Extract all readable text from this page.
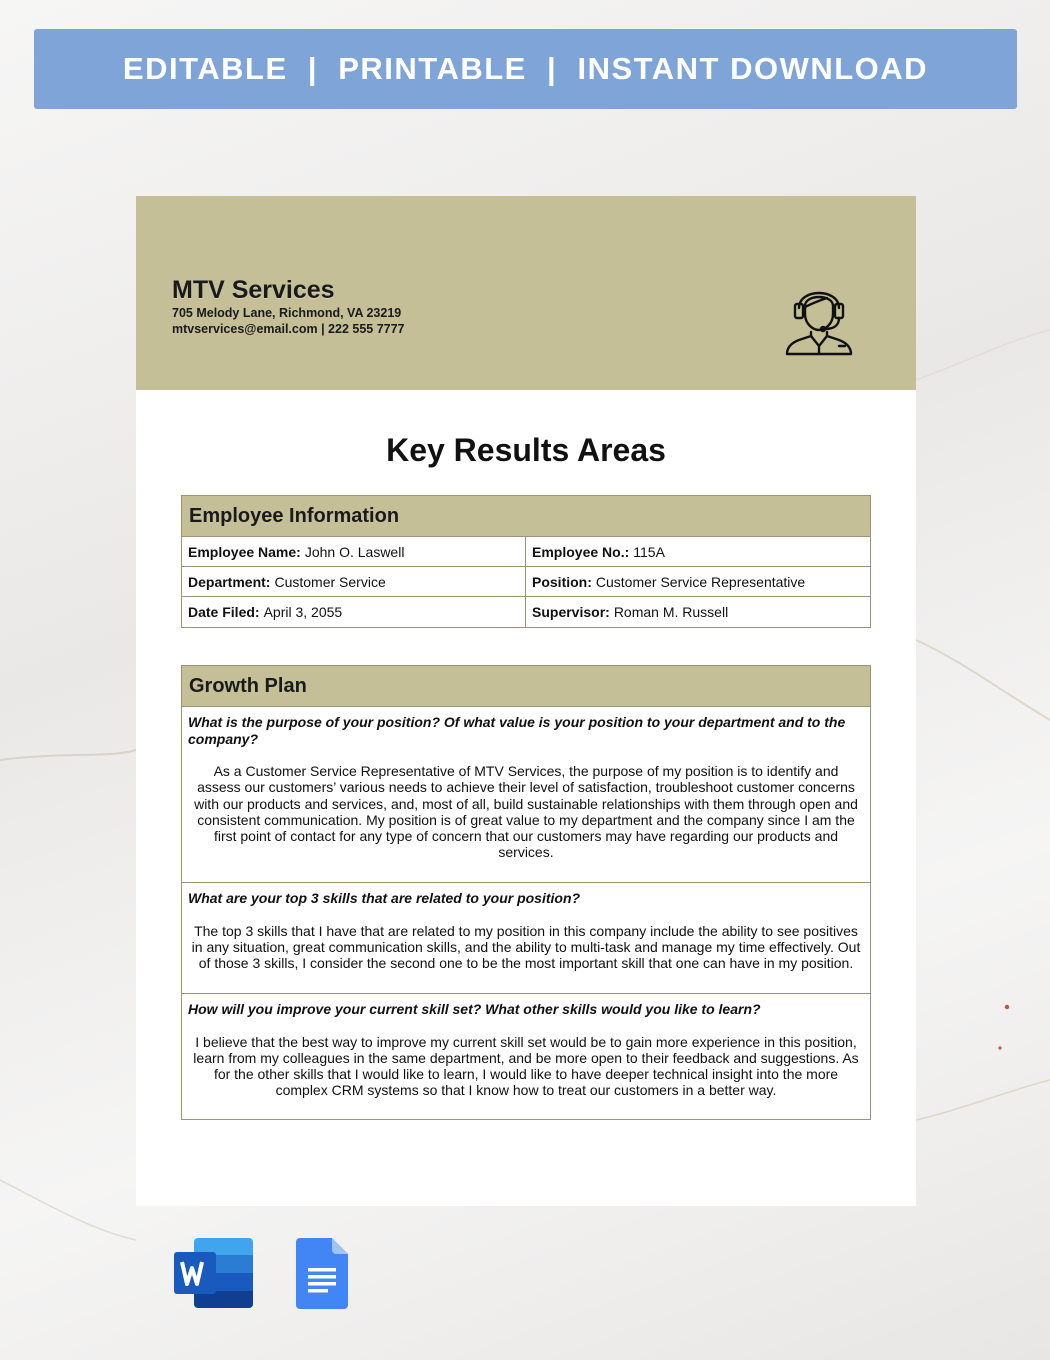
EDITABLE  |  PRINTABLE  |  INSTANT DOWNLOAD
MTV Services
705 Melody Lane, Richmond, VA 23219
mtvservices@email.com | 222 555 7777
Key Results Areas
Employee Information
Employee Name: John O. Laswell	Employee No.: 115A
Department: Customer Service	Position: Customer Service Representative
Date Filed: April 3, 2055	Supervisor: Roman M. Russell
Growth Plan
What is the purpose of your position? Of what value is your position to your department and to the company?
As a Customer Service Representative of MTV Services, the purpose of my position is to identify and assess our customers’ various needs to achieve their level of satisfaction, troubleshoot customer concerns with our products and services, and, most of all, build sustainable relationships with them through open and consistent communication. My position is of great value to my department and the company since I am the first point of contact for any type of concern that our customers may have regarding our products and services.
What are your top 3 skills that are related to your position?
The top 3 skills that I have that are related to my position in this company include the ability to see positives in any situation, great communication skills, and the ability to multi-task and manage my time effectively. Out of those 3 skills, I consider the second one to be the most important skill that one can have in my position.
How will you improve your current skill set? What other skills would you like to learn?
I believe that the best way to improve my current skill set would be to gain more experience in this position, learn from my colleagues in the same department, and be more open to their feedback and suggestions. As for the other skills that I would like to learn, I would like to have deeper technical insight into the more complex CRM systems so that I know how to treat our customers in a better way.
